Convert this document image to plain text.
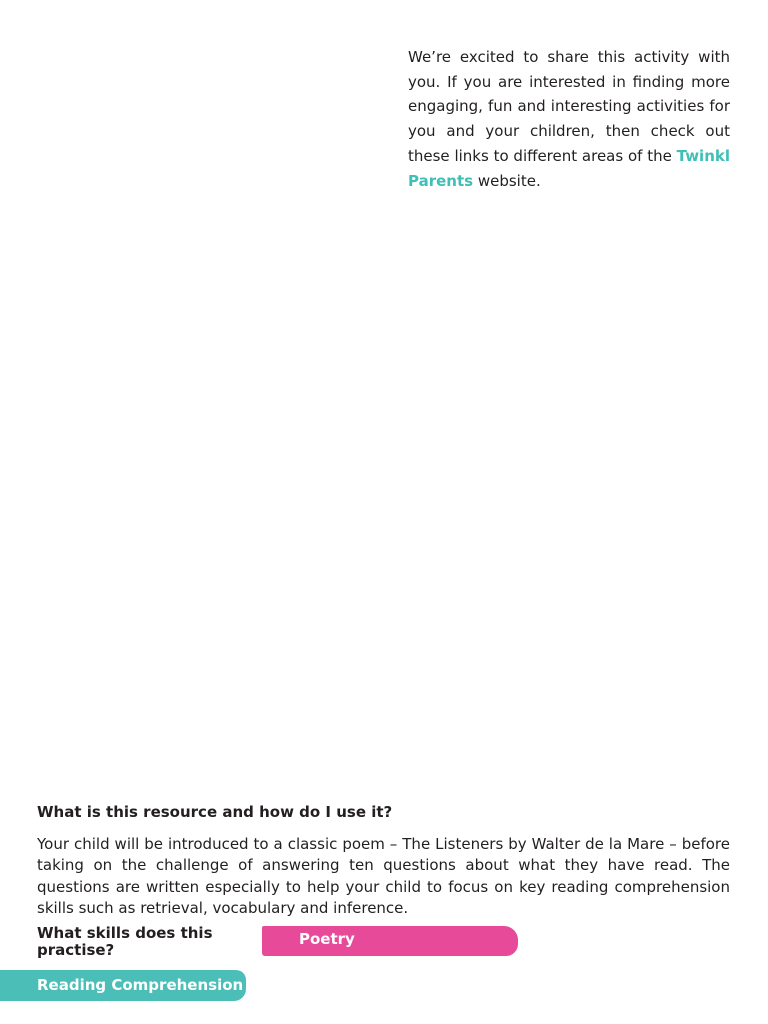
We’re excited to share this activity with you. If you are interested in finding more engaging, fun and interesting activities for you and your children, then check out these links to different areas of the Twinkl Parents website.

What is this resource and how do I use it?

Your child will be introduced to a classic poem – The Listeners by Walter de la Mare – before taking on the challenge of answering ten questions about what they have read. The questions are written especially to help your child to focus on key reading comprehension skills such as retrieval, vocabulary and inference.

What skills does this practise?

Poetry
Reading Comprehension
